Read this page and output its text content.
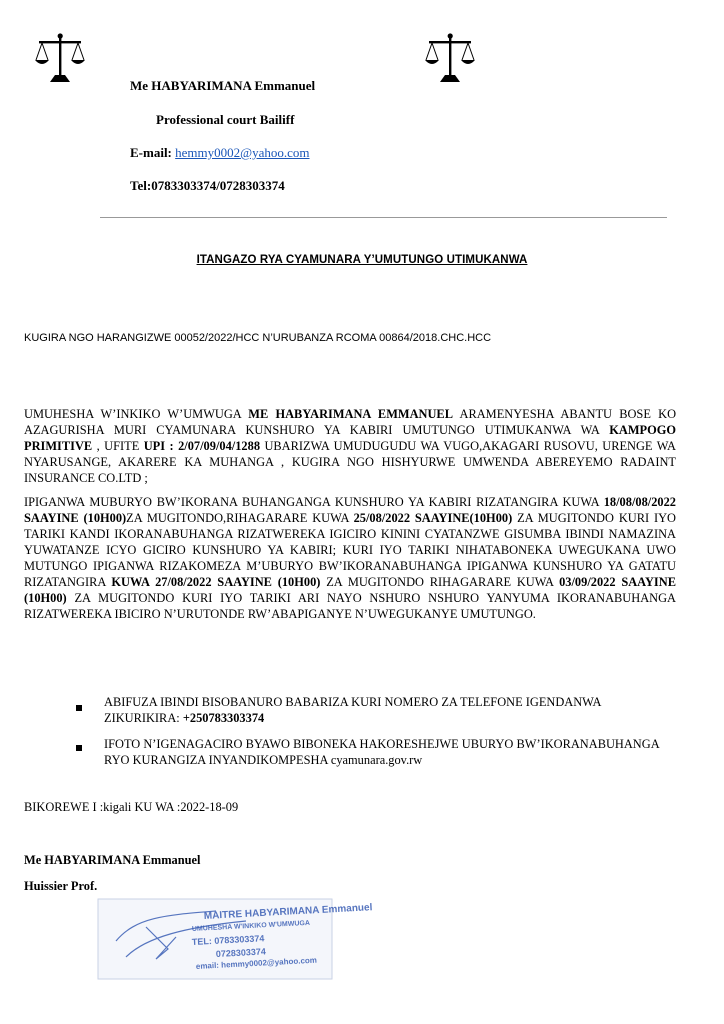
Me HABYARIMANA Emmanuel
Professional court Bailiff
E-mail: hemmy0002@yahoo.com
Tel:0783303374/0728303374
ITANGAZO RYA CYAMUNARA Y’UMUTUNGO UTIMUKANWA
KUGIRA NGO HARANGIZWE 00052/2022/HCC N’URUBANZA RCOMA 00864/2018.CHC.HCC
UMUHESHA W’INKIKO W’UMWUGA ME HABYARIMANA EMMANUEL ARAMENYESHA ABANTU BOSE KO AZAGURISHA MURI CYAMUNARA KUNSHURO YA KABIRI UMUTUNGO UTIMUKANWA WA KAMPOGO PRIMITIVE , UFITE UPI : 2/07/09/04/1288 UBARIZWA UMUDUGUDU WA VUGO,AKAGARI RUSOVU, URENGE WA NYARUSANGE, AKARERE KA MUHANGA , KUGIRA NGO HISHYURWE UMWENDA ABEREYEMO RADAINT INSURANCE CO.LTD ;
IPIGANWA MUBURYO BW’IKORANA BUHANGANGA KUNSHURO YA KABIRI RIZATANGIRA KUWA 18/08/08/2022 SAAYINE (10H00)ZA MUGITONDO,RIHAGARARE KUWA 25/08/2022 SAAYINE(10H00) ZA MUGITONDO KURI IYO TARIKI KANDI IKORANABUHANGA RIZATWEREKA IGICIRO KININI CYATANZWE GISUMBA IBINDI NAMAZINA YUWATANZE ICYO GICIRO KUNSHURO YA KABIRI; KURI IYO TARIKI NIHATABONEKA UWEGUKANA UWO MUTUNGO IPIGANWA RIZAKOMEZA M’UBURYO BW’IKORANABUHANGA IPIGANWA KUNSHURO YA GATATU RIZATANGIRA KUWA 27/08/2022 SAAYINE (10H00) ZA MUGITONDO RIHAGARARE KUWA 03/09/2022 SAAYINE (10H00) ZA MUGITONDO KURI IYO TARIKI ARI NAYO NSHURO NSHURO YANYUMA IKORANABUHANGA RIZATWEREKA IBICIRO N’URUTONDE RW’ABAPIGANYE N’UWEGUKANYE UMUTUNGO.
ABIFUZA IBINDI BISOBANURO BABARIZA KURI NOMERO ZA TELEFONE IGENDANWA ZIKURIKIRA: +250783303374
IFOTO N’IGENAGACIRO BYAWO BIBONEKA HAKORESHEJWE UBURYO BW’IKORANABUHANGA RYO KURANGIZA INYANDIKOMPESHA cyamunara.gov.rw
BIKOREWE I :kigali KU WA :2022-18-09
Me HABYARIMANA Emmanuel
Huissier Prof.
MAITRE HABYARIMANA Emmanuel
UMUHESHA W'INKIKO W'UMWUGA
TEL: 0783303374
0728303374
email: hemmy0002@yahoo.com
